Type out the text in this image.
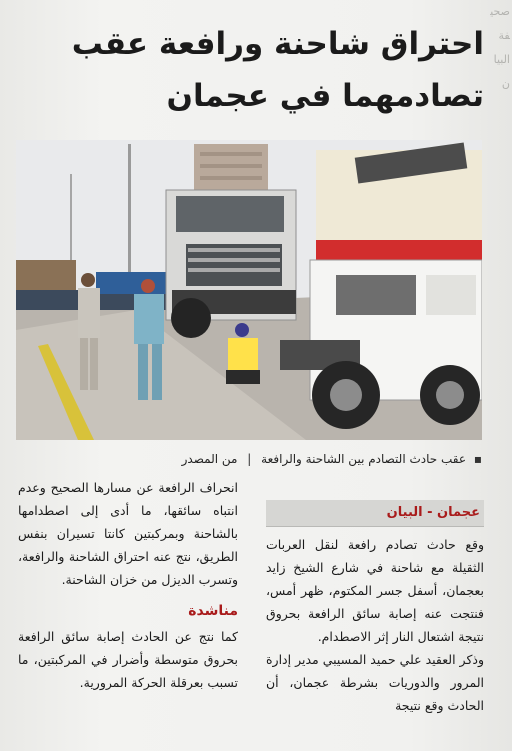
احتراق شاحنة ورافعة عقب
تصادمهما في عجمان
▪ عقب حادث التصادم بين الشاحنة والرافعة | من المصدر
عجمان - البيان

وقع حادث تصادم رافعة لنقل العربات الثقيلة مع شاحنة في شارع الشيخ زايد بعجمان، أسفل جسر المكتوم، ظهر أمس، فنتجت عنه إصابة سائق الرافعة بحروق نتيجة اشتعال النار إثر الاصطدام.

وذكر العقيد علي حميد المسيبي مدير إدارة المرور والدوريات بشرطة عجمان، أن الحادث وقع نتيجة

انحراف الرافعة عن مسارها الصحيح وعدم انتباه سائقها، ما أدى إلى اصطدامها بالشاحنة وبمركبتين كانتا تسيران بنفس الطريق، نتج عنه احتراق الشاحنة والرافعة، وتسرب الديزل من خزان الشاحنة.

مناشدة

كما نتج عن الحادث إصابة سائق الرافعة بحروق متوسطة وأضرار في المركبتين، ما تسبب بعرقلة الحركة المرورية.

صحيفة البيان
